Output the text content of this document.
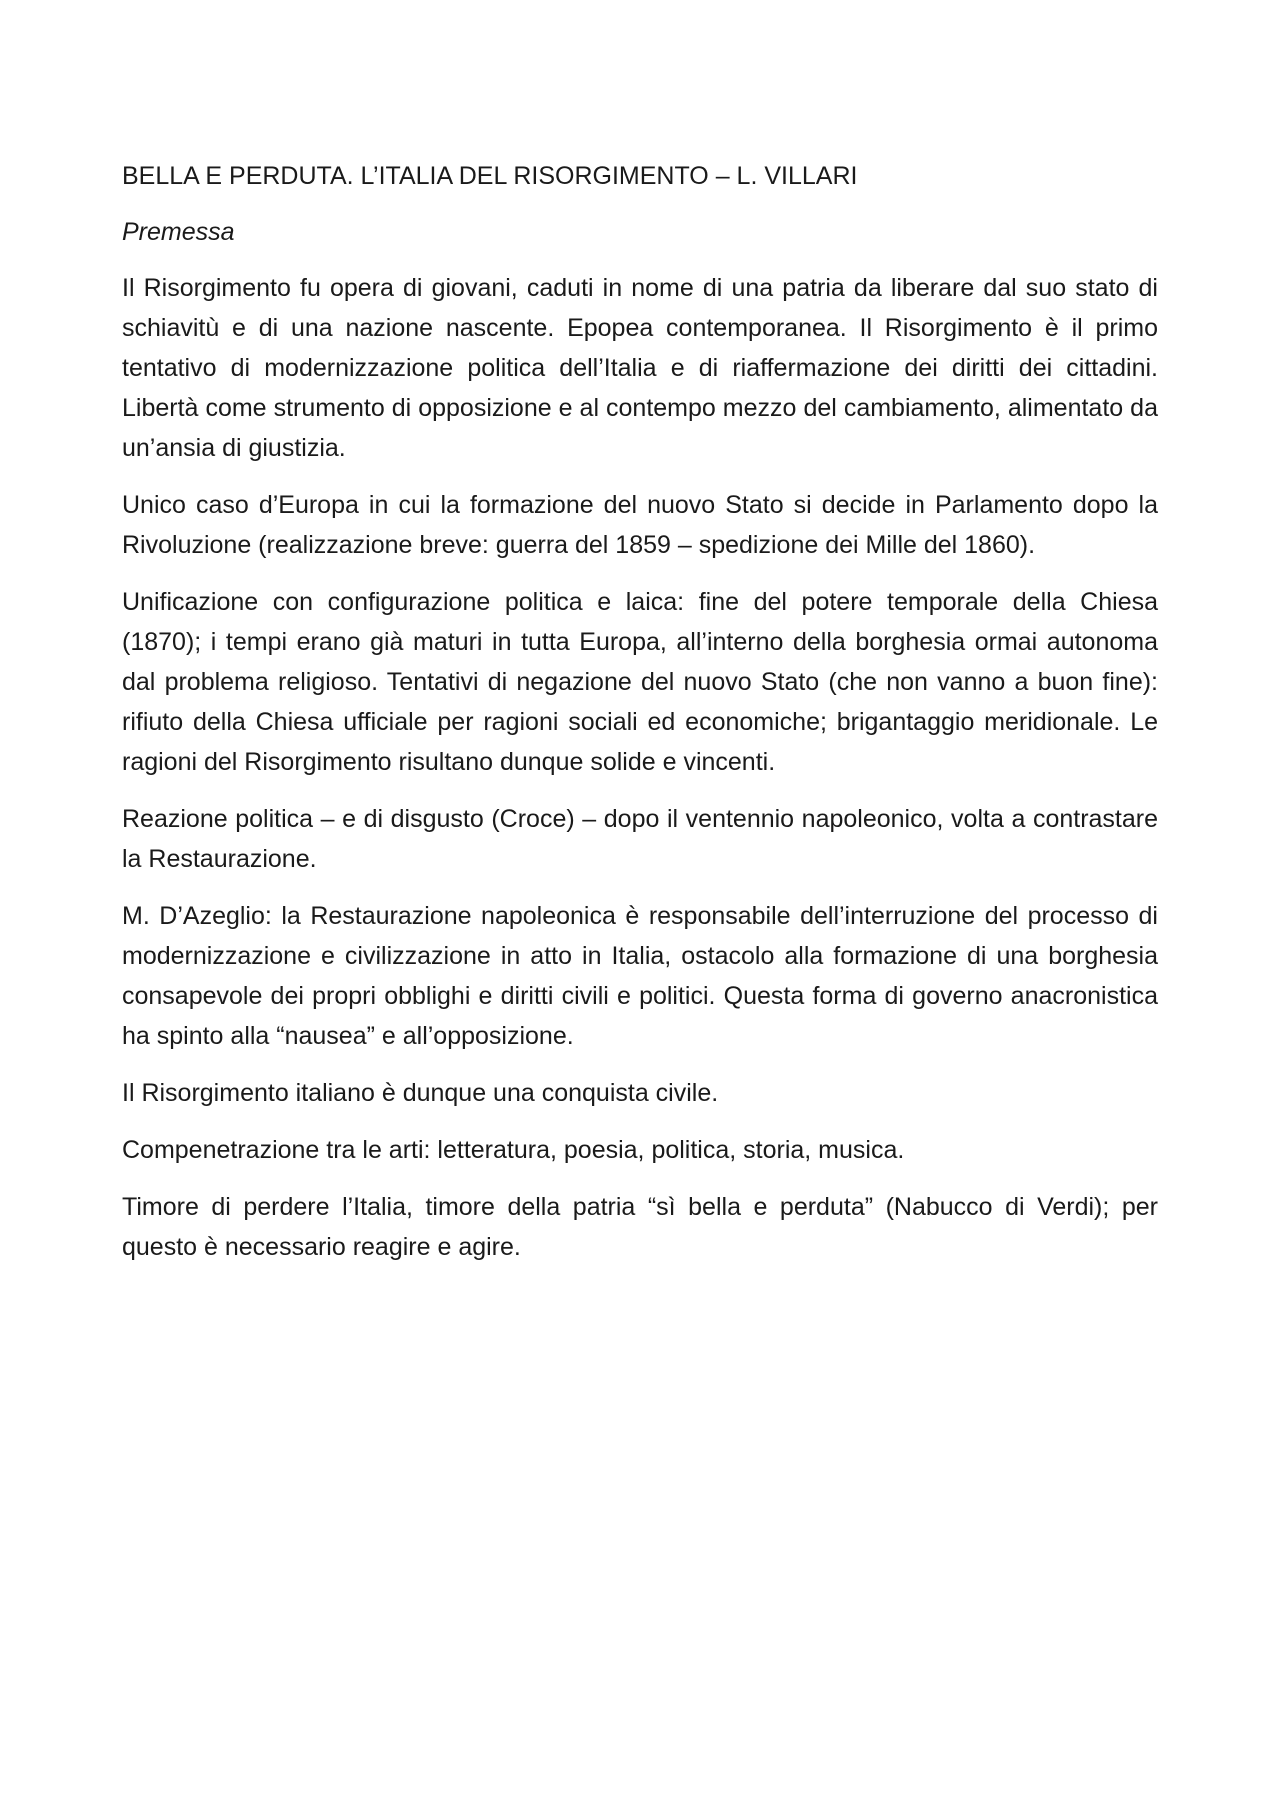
BELLA E PERDUTA. L’ITALIA DEL RISORGIMENTO – L. VILLARI
Premessa

Il Risorgimento fu opera di giovani, caduti in nome di una patria da liberare dal suo stato di schiavitù e di una nazione nascente. Epopea contemporanea. Il Risorgimento è il primo tentativo di modernizzazione politica dell’Italia e di riaffermazione dei diritti dei cittadini. Libertà come strumento di opposizione e al contempo mezzo del cambiamento, alimentato da un’ansia di giustizia.

Unico caso d’Europa in cui la formazione del nuovo Stato si decide in Parlamento dopo la Rivoluzione (realizzazione breve: guerra del 1859 – spedizione dei Mille del 1860).

Unificazione con configurazione politica e laica: fine del potere temporale della Chiesa (1870); i tempi erano già maturi in tutta Europa, all’interno della borghesia ormai autonoma dal problema religioso. Tentativi di negazione del nuovo Stato (che non vanno a buon fine): rifiuto della Chiesa ufficiale per ragioni sociali ed economiche; brigantaggio meridionale. Le ragioni del Risorgimento risultano dunque solide e vincenti.

Reazione politica – e di disgusto (Croce) – dopo il ventennio napoleonico, volta a contrastare la Restaurazione.

M. D’Azeglio: la Restaurazione napoleonica è responsabile dell’interruzione del processo di modernizzazione e civilizzazione in atto in Italia, ostacolo alla formazione di una borghesia consapevole dei propri obblighi e diritti civili e politici. Questa forma di governo anacronistica ha spinto alla “nausea” e all’opposizione.

Il Risorgimento italiano è dunque una conquista civile.

Compenetrazione tra le arti: letteratura, poesia, politica, storia, musica.

Timore di perdere l’Italia, timore della patria “sì bella e perduta” (Nabucco di Verdi); per questo è necessario reagire e agire.
